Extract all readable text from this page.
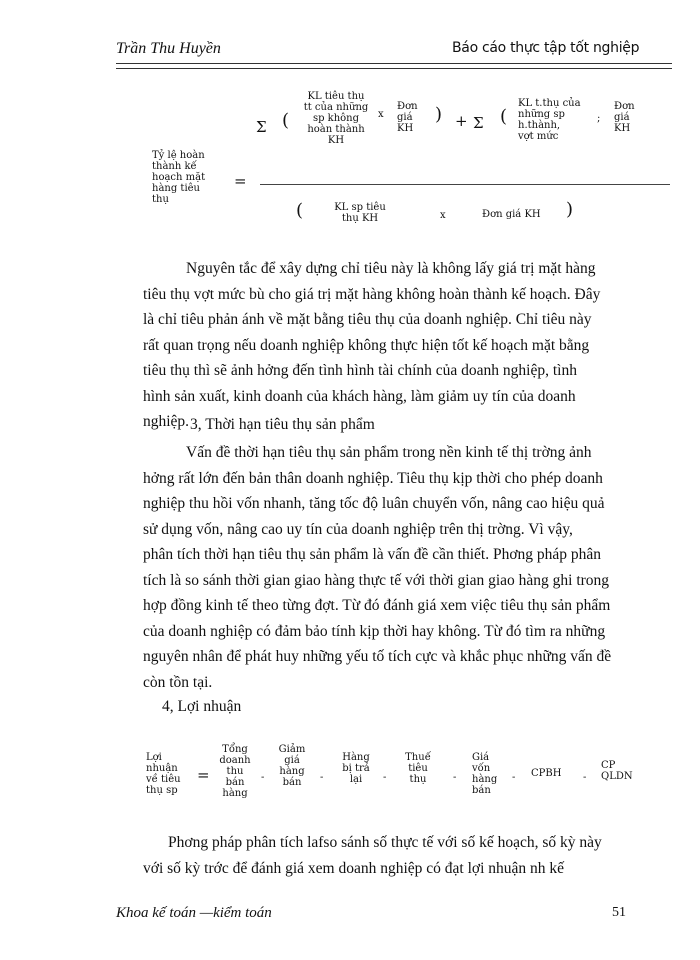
Trần Thu Huyền	Báo cáo thực tập tốt nghiệp
Tỷ lệ hoàn
thành kế
hoạch mặt
hàng tiêu
thụ
=
Σ (
KL tiêu thụ
tt của những
sp không
hoàn thành
KH
x
Đơn
giá
KH
) + Σ (
KL t.thụ của
những sp
h.thành,
vợt mức
;
Đơn
giá
KH
(	KL sp tiêu
thụ KH	x	Đơn giá KH )
Nguyên tắc để xây dựng chỉ tiêu này là không lấy giá trị mặt hàng
tiêu thụ vợt mức bù cho giá trị mặt hàng không hoàn thành kế hoạch. Đây
là chỉ tiêu phản ánh về mặt bằng tiêu thụ của doanh nghiệp. Chỉ tiêu này
rất quan trọng nếu doanh nghiệp không thực hiện tốt kế hoạch mặt bằng
tiêu thụ thì sẽ ảnh hởng đến tình hình tài chính của doanh nghiệp, tình
hình sản xuất, kinh doanh của khách hàng, làm giảm uy tín của doanh
nghiệp. 3, Thời hạn tiêu thụ sản phẩm
Vấn đề thời hạn tiêu thụ sản phẩm trong nền kinh tế thị trờng ảnh
hởng rất lớn đến bản thân doanh nghiệp. Tiêu thụ kịp thời cho phép doanh
nghiệp thu hồi vốn nhanh, tăng tốc độ luân chuyển vốn, nâng cao hiệu quả
sử dụng vốn, nâng cao uy tín của doanh nghiệp trên thị trờng. Vì vậy,
phân tích thời hạn tiêu thụ sản phẩm là vấn đề cần thiết. Phơng pháp phân
tích là so sánh thời gian giao hàng thực tế với thời gian giao hàng ghi trong
hợp đồng kinh tế theo từng đợt. Từ đó đánh giá xem việc tiêu thụ sản phẩm
của doanh nghiệp có đảm bảo tính kịp thời hay không. Từ đó tìm ra những
nguyên nhân để phát huy những yếu tố tích cực và khắc phục những vấn đề
còn tồn tại.
4, Lợi nhuận
Lợi
nhuận
về tiêu
thụ sp
=
Tổng
doanh
thu
bán
hàng
-
Giảm
giá
hàng
bán	-
Hàng
bị trả
lại	-
Thuế
tiêu
thụ	-
Giá
vốn
hàng
bán
- CPBH -
CP
QLDN
Phơng pháp phân tích lafso sánh số thực tế với số kế hoạch, số kỳ này
với số kỳ trớc để đánh giá xem doanh nghiệp có đạt lợi nhuận nh kế
Khoa kế toán —kiểm toán	51
